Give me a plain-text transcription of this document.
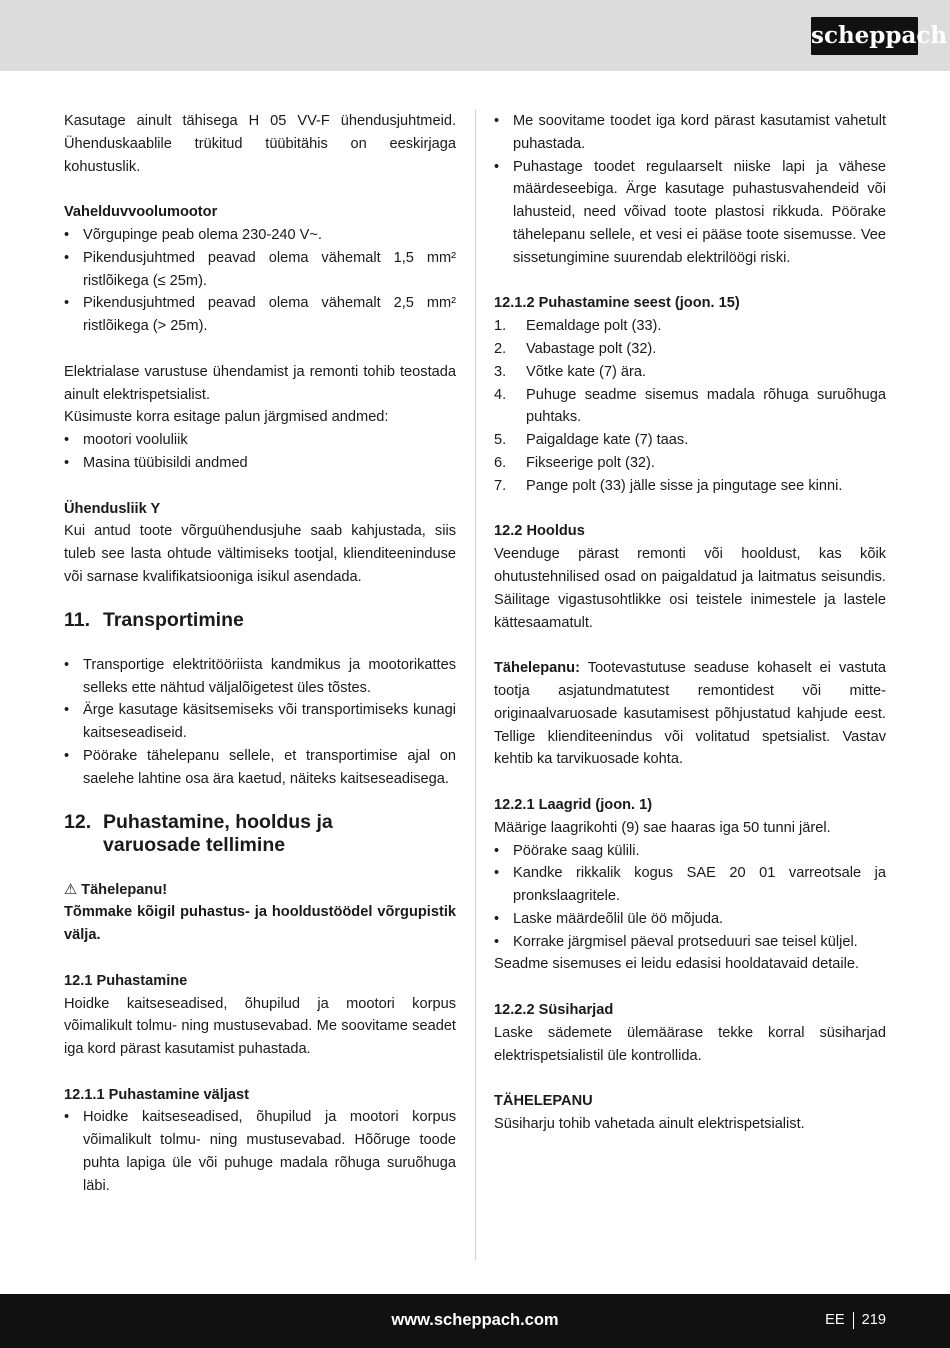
scheppach

Kasutage ainult tähisega H 05 VV-F ühendusjuhtmeid. Ühenduskaablile trükitud tüübitähis on eeskirjaga kohustuslik.

Vahelduvvoolumootor

• Võrgupinge peab olema 230-240 V~.
• Pikendusjuhtmed peavad olema vähemalt 1,5 mm² ristlõikega (≤ 25m).
• Pikendusjuhtmed peavad olema vähemalt 2,5 mm² ristlõikega (> 25m).

Elektrialase varustuse ühendamist ja remonti tohib teostada ainult elektrispetsialist.

Küsimuste korra esitage palun järgmised andmed:

• mootori vooluliik
• Masina tüübisildi andmed

Ühendusliik Y

Kui antud toote võrguühendusjuhe saab kahjustada, siis tuleb see lasta ohtude vältimiseks tootjal, klienditeeninduse või sarnase kvalifikatsiooniga isikul asendada.

11. Transportimine
• Transportige elektritööriista kandmikus ja mootorikattes selleks ette nähtud väljalõigetest üles tõstes.
• Ärge kasutage käsitsemiseks või transportimiseks kunagi kaitseseadiseid.
• Pöörake tähelepanu sellele, et transportimise ajal on saelehe lahtine osa ära kaetud, näiteks kaitseseadisega.
12. Puhastamine, hooldus ja
varuosade tellimine

⚠ Tähelepanu!

Tõmmake kõigil puhastus- ja hooldustöödel võrgupistik välja.

12.1 Puhastamine

Hoidke kaitseseadised, õhupilud ja mootori korpus võimalikult tolmu- ning mustusevabad. Me soovitame seadet iga kord pärast kasutamist puhastada.

12.1.1 Puhastamine väljast

• Hoidke kaitseseadised, õhupilud ja mootori korpus võimalikult tolmu- ning mustusevabad. Hõõruge toode puhta lapiga üle või puhuge madala rõhuga suruõhuga läbi.
• Me soovitame toodet iga kord pärast kasutamist vahetult puhastada.
• Puhastage toodet regulaarselt niiske lapi ja vähese määrdeseebiga. Ärge kasutage puhastusvahendeid või lahusteid, need võivad toote plastosi rikkuda. Pöörake tähelepanu sellele, et vesi ei pääse toote sisemusse. Vee sissetungimine suurendab elektrilöögi riski.

12.1.2 Puhastamine seest (joon. 15)

1. Eemaldage polt (33).
2. Vabastage polt (32).
3. Võtke kate (7) ära.
4. Puhuge seadme sisemus madala rõhuga suruõhuga puhtaks.
5. Paigaldage kate (7) taas.
6. Fikseerige polt (32).
7. Pange polt (33) jälle sisse ja pingutage see kinni.

12.2 Hooldus

Veenduge pärast remonti või hooldust, kas kõik ohutustehnilised osad on paigaldatud ja laitmatus seisundis. Säilitage vigastusohtlikke osi teistele inimestele ja lastele kättesaamatult.

Tähelepanu: Tootevastutuse seaduse kohaselt ei vastuta tootja asjatundmatutest remontidest või mitte-originaalvaruosade kasutamisest põhjustatud kahjude eest. Tellige klienditeenindus või volitatud spetsialist. Vastav kehtib ka tarvikuosade kohta.

12.2.1 Laagrid (joon. 1)

Määrige laagrikohti (9) sae haaras iga 50 tunni järel.

• Pöörake saag külili.
• Kandke rikkalik kogus SAE 20 01 varreotsale ja pronkslaagritele.
• Laske määrdeõlil üle öö mõjuda.
• Korrake järgmisel päeval protseduuri sae teisel küljel.

Seadme sisemuses ei leidu edasisi hooldatavaid detaile.

12.2.2 Süsiharjad

Laske sädemete ülemäärase tekke korral süsiharjad elektrispetsialistil üle kontrollida.

TÄHELEPANU

Süsiharju tohib vahetada ainult elektrispetsialist.

www.scheppach.com	EE 219
